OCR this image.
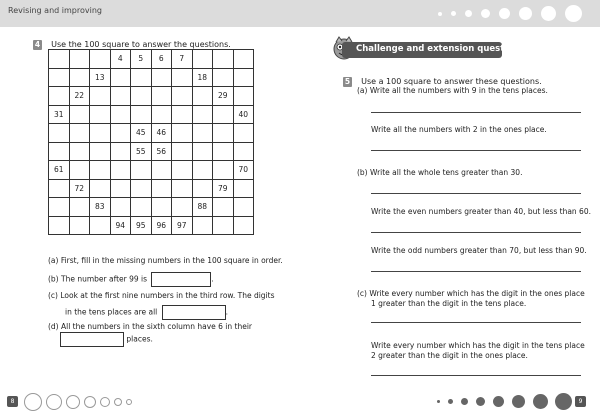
Revising and improving
4 Use the 100 square to answer the questions.
			4	5	6	7			
		13					18		
	22							29	
31									40
				45	46				
				55	56				
61									70
	72							79	
		83					88		
			94	95	96	97			
(a) First, fill in the missing numbers in the 100 square in order.
(b) The number after 99 is	.
(c) Look at the first nine numbers in the third row. The digits
in the tens places are all	.
(d) All the numbers in the sixth column have 6 in their
places.
Challenge and extension question
5 Use a 100 square to answer these questions.
(a) Write all the numbers with 9 in the tens places.
Write all the numbers with 2 in the ones place.
(b) Write all the whole tens greater than 30.
Write the even numbers greater than 40, but less than 60.
Write the odd numbers greater than 70, but less than 90.
(c) Write every number which has the digit in the ones place
1 greater than the digit in the tens place.
Write every number which has the digit in the tens place
2 greater than the digit in the ones place.
8	9
